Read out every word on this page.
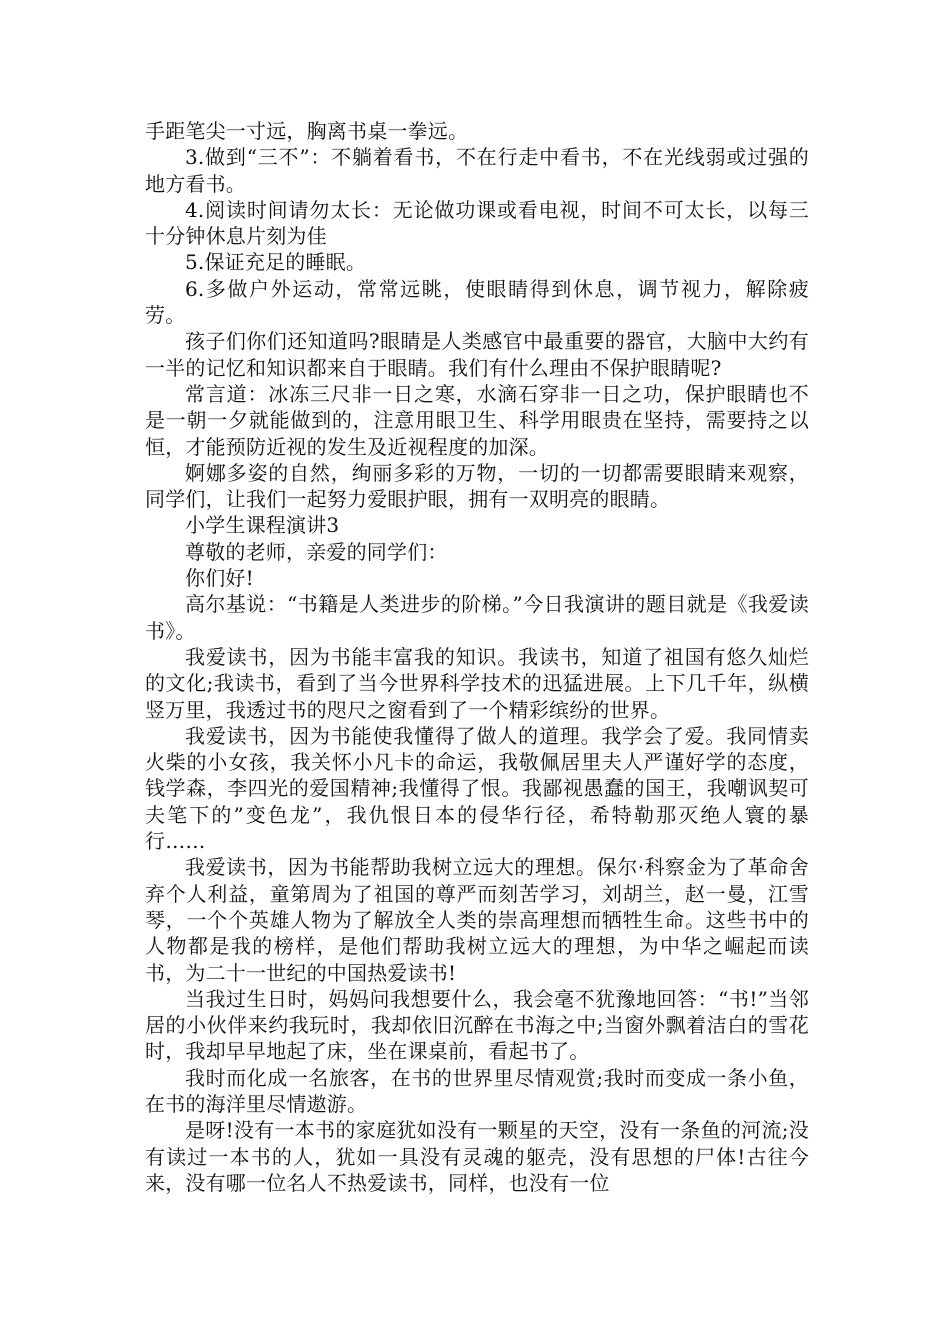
手距笔尖一寸远，胸离书桌一拳远。

3.做到“三不”：不躺着看书，不在行走中看书，不在光线弱或过强的地方看书。

4.阅读时间请勿太长：无论做功课或看电视，时间不可太长，以每三十分钟休息片刻为佳

5.保证充足的睡眠。

6.多做户外运动，常常远眺，使眼睛得到休息，调节视力，解除疲劳。

孩子们你们还知道吗?眼睛是人类感官中最重要的器官，大脑中大约有一半的记忆和知识都来自于眼睛。我们有什么理由不保护眼睛呢?

常言道：冰冻三尺非一日之寒，水滴石穿非一日之功，保护眼睛也不是一朝一夕就能做到的，注意用眼卫生、科学用眼贵在坚持，需要持之以恒，才能预防近视的发生及近视程度的加深。

婀娜多姿的自然，绚丽多彩的万物，一切的一切都需要眼睛来观察，同学们，让我们一起努力爱眼护眼，拥有一双明亮的眼睛。

小学生课程演讲3

尊敬的老师，亲爱的同学们：

你们好!

高尔基说：“书籍是人类进步的阶梯。”今日我演讲的题目就是《我爱读书》。

我爱读书，因为书能丰富我的知识。我读书，知道了祖国有悠久灿烂的文化;我读书，看到了当今世界科学技术的迅猛进展。上下几千年，纵横竖万里，我透过书的咫尺之窗看到了一个精彩缤纷的世界。

我爱读书，因为书能使我懂得了做人的道理。我学会了爱。我同情卖火柴的小女孩，我关怀小凡卡的命运，我敬佩居里夫人严谨好学的态度，钱学森，李四光的爱国精神;我懂得了恨。我鄙视愚蠢的国王，我嘲讽契可夫笔下的”变色龙”，我仇恨日本的侵华行径，希特勒那灭绝人寰的暴行……

我爱读书，因为书能帮助我树立远大的理想。保尔·科察金为了革命舍弃个人利益，童第周为了祖国的尊严而刻苦学习，刘胡兰，赵一曼，江雪琴，一个个英雄人物为了解放全人类的崇高理想而牺牲生命。这些书中的人物都是我的榜样，是他们帮助我树立远大的理想，为中华之崛起而读书，为二十一世纪的中国热爱读书!

当我过生日时，妈妈问我想要什么，我会毫不犹豫地回答：“书!”当邻居的小伙伴来约我玩时，我却依旧沉醉在书海之中;当窗外飘着洁白的雪花时，我却早早地起了床，坐在课桌前，看起书了。

我时而化成一名旅客，在书的世界里尽情观赏;我时而变成一条小鱼，在书的海洋里尽情遨游。

是呀!没有一本书的家庭犹如没有一颗星的天空，没有一条鱼的河流;没有读过一本书的人，犹如一具没有灵魂的躯壳，没有思想的尸体!古往今来，没有哪一位名人不热爱读书，同样，也没有一位
